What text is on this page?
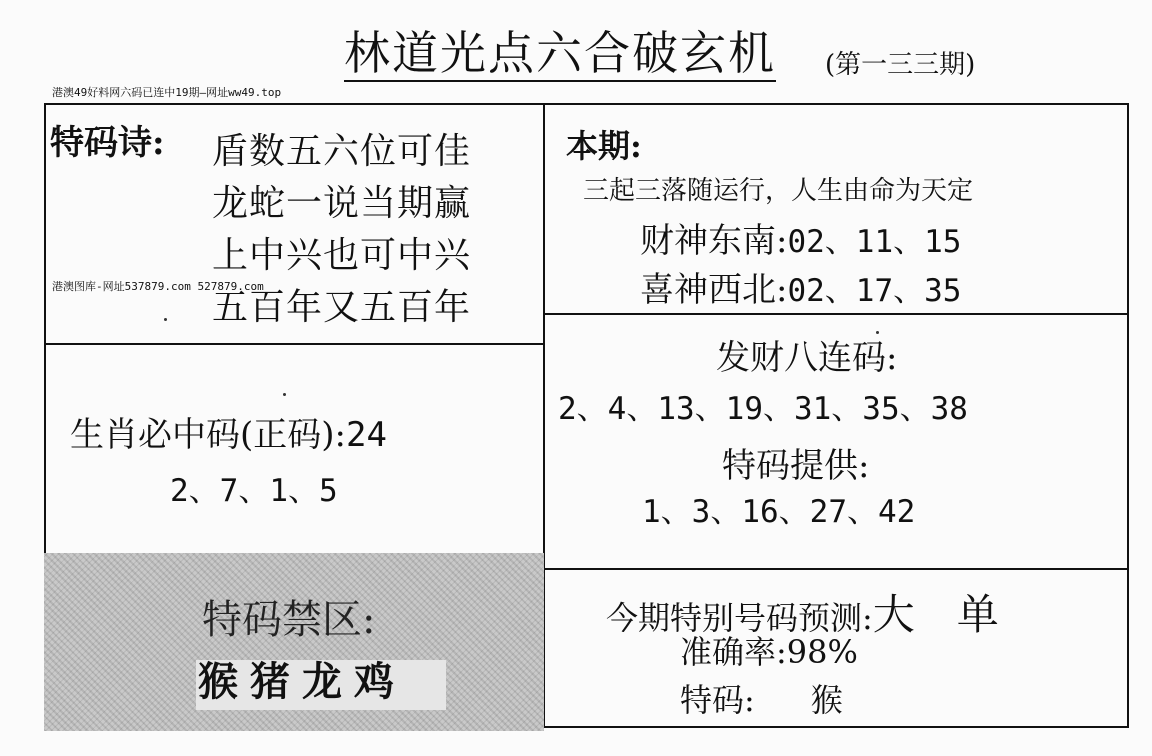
林道光点六合破玄机 (第一三三期)
港澳49好料网六码已连中19期—网址ww49.top
特码诗: 盾数五六位可佳
龙蛇一说当期赢
上中兴也可中兴
五百年又五百年
港澳图库-网址537879.com 527879.com
本期:
三起三落随运行，人生由命为天定
财神东南:02、11、15
喜神西北:02、17、35
生肖必中码(正码):24
2、7、1、5
发财八连码:
2、4、13、19、31、35、38
特码提供:
1、3、16、27、42
特码禁区:
猴猪龙鸡
今期特别号码预测:大　单
准确率:98%
特码: 猴
